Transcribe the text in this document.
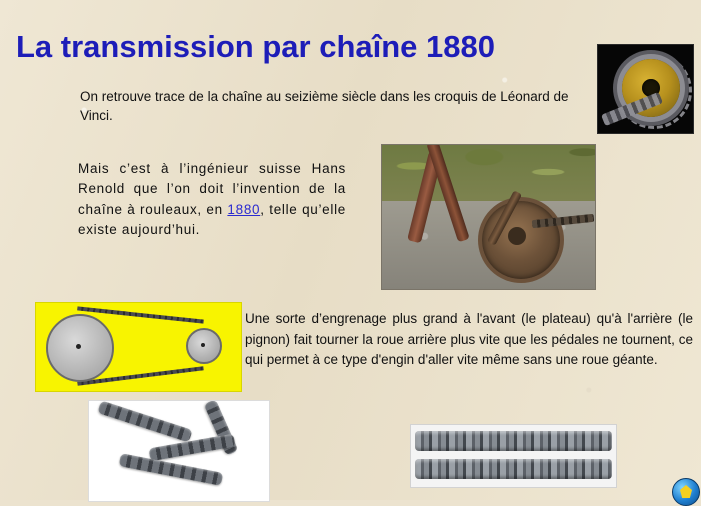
La transmission par chaîne 1880
On retrouve trace de la chaîne au seizième siècle dans les croquis de Léonard de Vinci.
Mais c’est à l’ingénieur suisse Hans Renold que l’on doit l’invention de la chaîne à rouleaux, en 1880, telle qu’elle existe aujourd’hui.
Une sorte d’engrenage plus grand à l'avant (le plateau) qu'à l'arrière (le pignon) fait tourner la roue arrière plus vite que les pédales ne tournent, ce qui permet à ce type d'engin d'aller vite même sans une roue géante.
